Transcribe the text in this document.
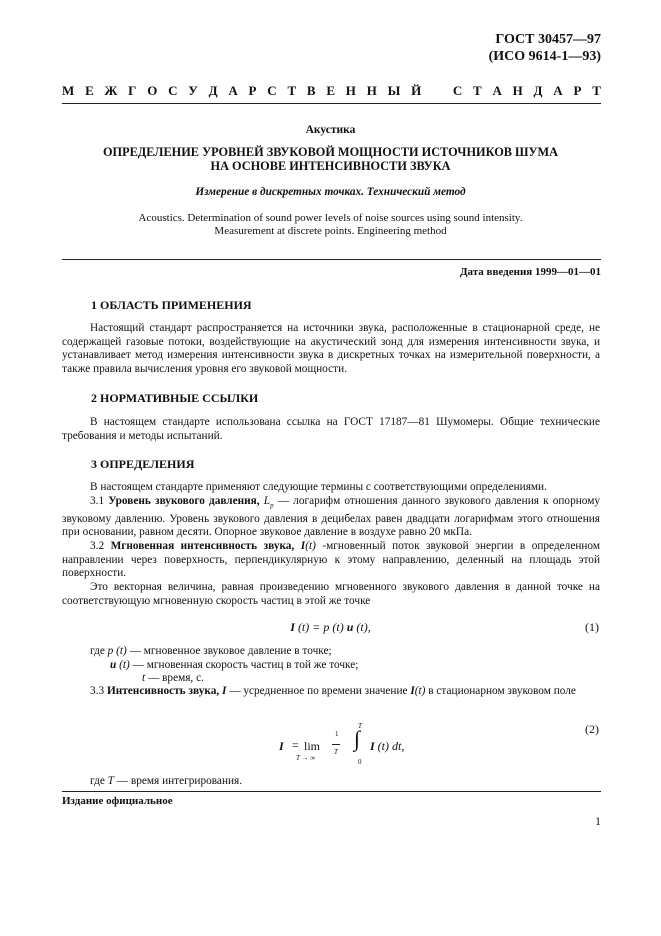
ГОСТ 30457—97
(ИСО 9614-1—93)
М Е Ж Г О С У Д А Р С Т В Е Н Н Ы Й С Т А Н Д А Р Т
Акустика
ОПРЕДЕЛЕНИЕ УРОВНЕЙ ЗВУКОВОЙ МОЩНОСТИ ИСТОЧНИКОВ ШУМА
НА ОСНОВЕ ИНТЕНСИВНОСТИ ЗВУКА
Измерение в дискретных точках. Технический метод
Acoustics. Determination of sound power levels of noise sources using sound intensity.
Measurement at discrete points. Engineering method
Дата введения 1999—01—01
1 ОБЛАСТЬ ПРИМЕНЕНИЯ

Настоящий стандарт распространяется на источники звука, расположенные в стационарной среде, не содержащей газовые потоки, воздействующие на акустический зонд для измерения интенсивности звука, и устанавливает метод измерения интенсивности звука в дискретных точках на измерительной поверхности, а также правила вычисления уровня его звуковой мощности.

2 НОРМАТИВНЫЕ ССЫЛКИ

В настоящем стандарте использована ссылка на ГОСТ 17187—81 Шумомеры. Общие технические требования и методы испытаний.

3 ОПРЕДЕЛЕНИЯ

В настоящем стандарте применяют следующие термины с соответствующими определениями.

3.1 Уровень звукового давления, $L_p$ — логарифм отношения данного звукового давления к опорному звуковому давлению. Уровень звукового давления в децибелах равен двадцати логарифмам этого отношения при основании, равном десяти. Опорное звуковое давление в воздухе равно 20 мкПа.

3.2 Мгновенная интенсивность звука, I(t) -мгновенный поток звуковой энергии в определенном направлении через поверхность, перпендикулярную к этому направлению, деленный на площадь этой поверхности.

Это векторная величина, равная произведению мгновенного звукового давления в данной точке на соответствующую мгновенную скорость частиц в этой же точке

I (t) = p (t) u (t),	(1)
где p (t) — мгновенное звуковое давление в точке;
u (t) — мгновенная скорость частиц в той же точке;
t — время, с.

3.3 Интенсивность звука, I — усредненное по времени значение I(t) в стационарном звуковом поле

I = lim
T → ∞
1
T
T
∫
0
I (t) dt,
(2)
где T — время интегрирования.
Издание официальное
1
